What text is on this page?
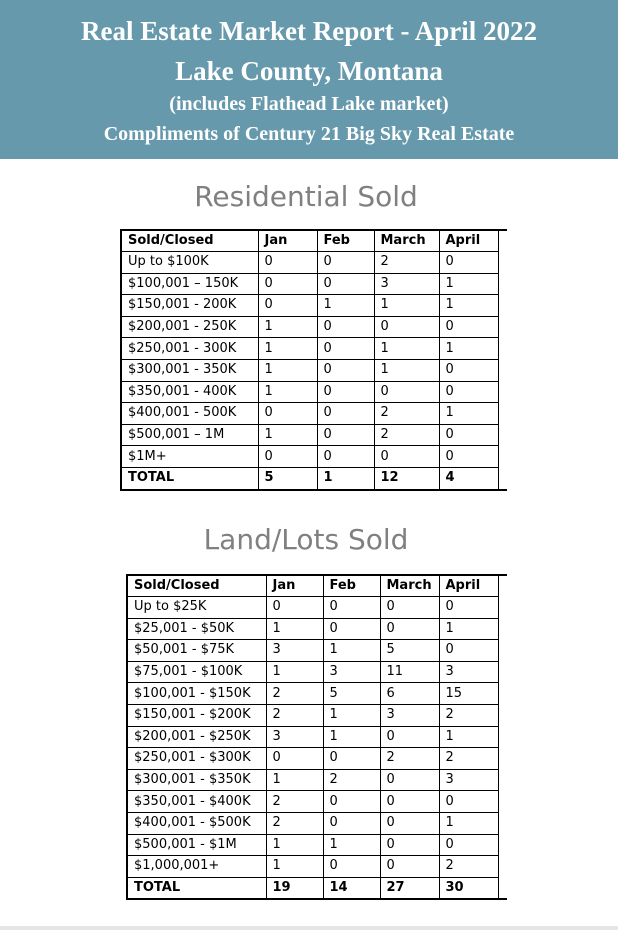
Real Estate Market Report - April 2022
Lake County, Montana
(includes Flathead Lake market)
Compliments of Century 21 Big Sky Real Estate
Residential Sold
Sold/Closed	Jan	Feb	March	April	
Up to $100K	0	0	2	0	
$100,001 – 150K	0	0	3	1	
$150,001 - 200K	0	1	1	1	
$200,001 - 250K	1	0	0	0	
$250,001 - 300K	1	0	1	1	
$300,001 - 350K	1	0	1	0	
$350,001 - 400K	1	0	0	0	
$400,001 - 500K	0	0	2	1	
$500,001 – 1M	1	0	2	0	
$1M+	0	0	0	0	
TOTAL	5	1	12	4	
Land/Lots Sold
Sold/Closed	Jan	Feb	March	April	
Up to $25K	0	0	0	0	
$25,001 - $50K	1	0	0	1	
$50,001 - $75K	3	1	5	0	
$75,001 - $100K	1	3	11	3	
$100,001 - $150K	2	5	6	15	
$150,001 - $200K	2	1	3	2	
$200,001 - $250K	3	1	0	1	
$250,001 - $300K	0	0	2	2	
$300,001 - $350K	1	2	0	3	
$350,001 - $400K	2	0	0	0	
$400,001 - $500K	2	0	0	1	
$500,001 - $1M	1	1	0	0	
$1,000,001+	1	0	0	2	
TOTAL	19	14	27	30	
